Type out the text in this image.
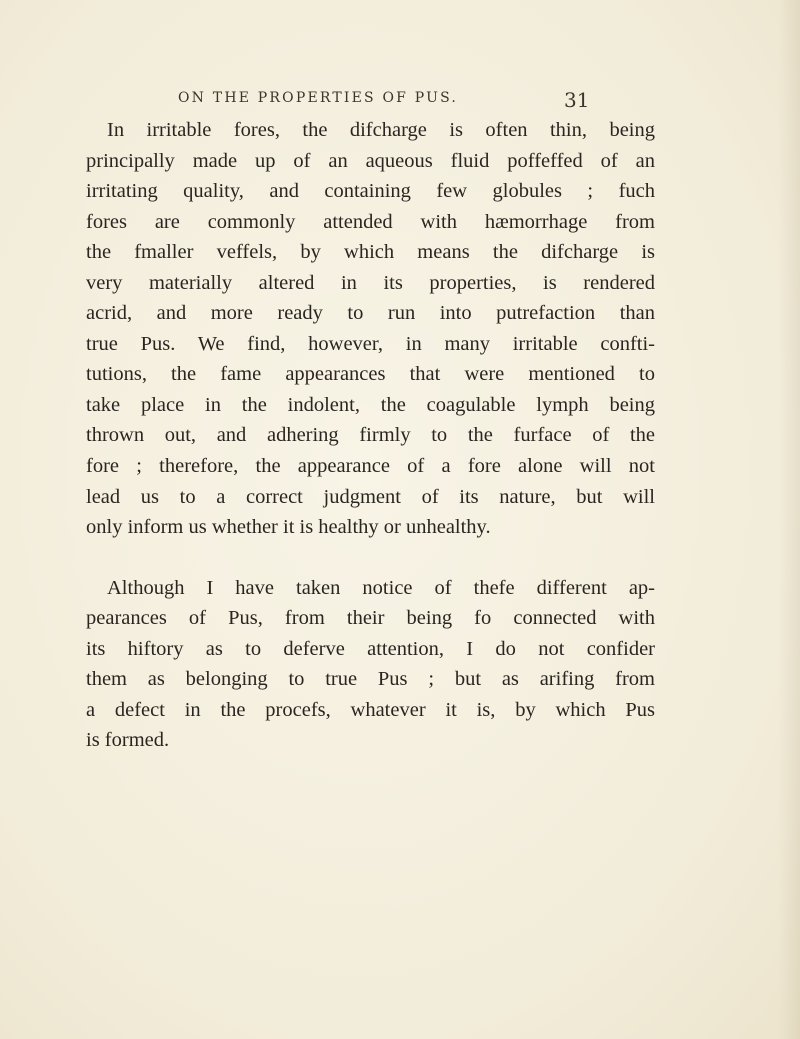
ON THE PROPERTIES OF PUS.	31
In irritable fores, the difcharge is often thin, being
principally made up of an aqueous fluid poffeffed of an
irritating quality, and containing few globules ; fuch
fores are commonly attended with hæmorrhage from
the fmaller veffels, by which means the difcharge is
very materially altered in its properties, is rendered
acrid, and more ready to run into putrefaction than
true Pus. We find, however, in many irritable confti-
tutions, the fame appearances that were mentioned to
take place in the indolent, the coagulable lymph being
thrown out, and adhering firmly to the furface of the
fore ; therefore, the appearance of a fore alone will not
lead us to a correct judgment of its nature, but will
only inform us whether it is healthy or unhealthy.
Although I have taken notice of thefe different ap-
pearances of Pus, from their being fo connected with
its hiftory as to deferve attention, I do not confider
them as belonging to true Pus ; but as arifing from
a defect in the procefs, whatever it is, by which Pus
is formed.
